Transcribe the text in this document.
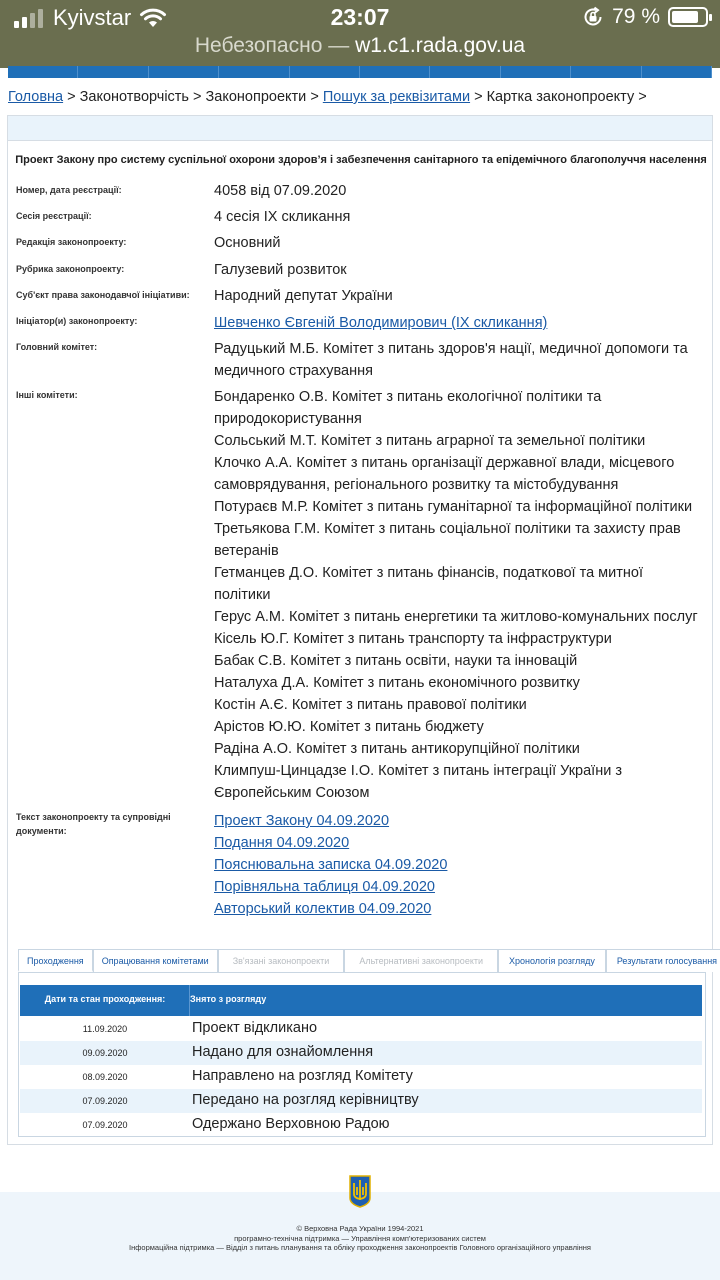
Kyivstar	23:07	79 %
Небезопасно — w1.c1.rada.gov.ua
Головна > Законотворчість > Законопроекти > Пошук за реквізитами > Картка законопроекту >
Проект Закону про систему суспільної охорони здоров’я і забезпечення санітарного та епідемічного благополуччя населення
Номер, дата реєстрації:	4058 від 07.09.2020
Сесія реєстрації:	4 сесія IX скликання
Редакція законопроекту:	Основний
Рубрика законопроекту:	Галузевий розвиток
Суб'єкт права законодавчої ініціативи:	Народний депутат України
Ініціатор(и) законопроекту:	Шевченко Євгеній Володимирович (IX скликання)
Головний комітет:	Радуцький М.Б. Комітет з питань здоров'я нації, медичної допомоги та
медичного страхування
Інші комітети:	Бондаренко О.В. Комітет з питань екологічної політики та
природокористування
Сольський М.Т. Комітет з питань аграрної та земельної політики
Клочко А.А. Комітет з питань організації державної влади, місцевого
самоврядування, регіонального розвитку та містобудування
Потураєв М.Р. Комітет з питань гуманітарної та інформаційної політики
Третьякова Г.М. Комітет з питань соціальної політики та захисту прав
ветеранів
Гетманцев Д.О. Комітет з питань фінансів, податкової та митної
політики
Герус А.М. Комітет з питань енергетики та житлово-комунальних послуг
Кісель Ю.Г. Комітет з питань транспорту та інфраструктури
Бабак С.В. Комітет з питань освіти, науки та інновацій
Наталуха Д.А. Комітет з питань економічного розвитку
Костін А.Є. Комітет з питань правової політики
Арістов Ю.Ю. Комітет з питань бюджету
Радіна А.О. Комітет з питань антикорупційної політики
Климпуш-Цинцадзе І.О. Комітет з питань інтеграції України з
Європейським Союзом
Текст законопроекту та супровідні
документи:
Проект Закону 04.09.2020
Подання 04.09.2020
Пояснювальна записка 04.09.2020
Порівняльна таблиця 04.09.2020
Авторський колектив 04.09.2020
Проходження	Опрацювання комітетами	Зв'язані законопроекти	Альтернативні законопроекти	Хронологія розгляду	Результати голосування
Дати та стан проходження:	Знято з розгляду
11.09.2020	Проект відкликано
09.09.2020	Надано для ознайомлення
08.09.2020	Направлено на розгляд Комітету
07.09.2020	Передано на розгляд керівництву
07.09.2020	Одержано Верховною Радою
© Верховна Рада України 1994-2021
програмно-технічна підтримка — Управління комп'ютеризованих систем
Інформаційна підтримка — Відділ з питань планування та обліку проходження законопроектів Головного організаційного управління
